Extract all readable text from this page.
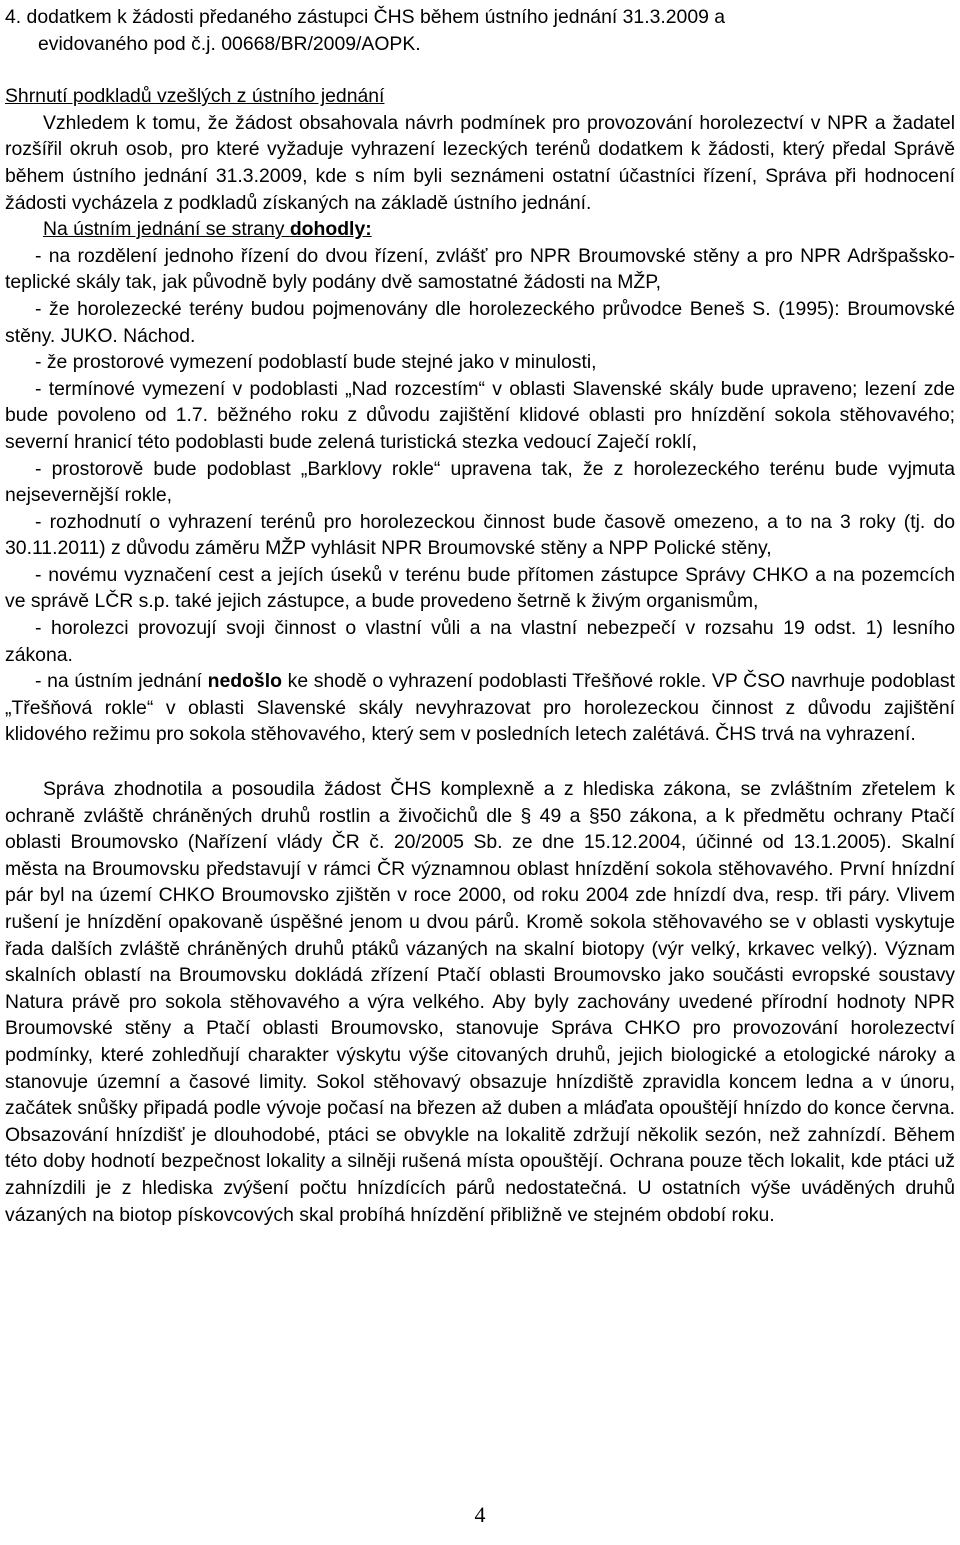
4. dodatkem k žádosti předaného zástupci ČHS během ústního jednání 31.3.2009 a

evidovaného pod č.j. 00668/BR/2009/AOPK.

Shrnutí podkladů vzešlých z ústního jednání

Vzhledem k tomu, že žádost obsahovala návrh podmínek pro provozování horolezectví v NPR a žadatel rozšířil okruh osob, pro které vyžaduje vyhrazení lezeckých terénů dodatkem k žádosti, který předal Správě během ústního jednání 31.3.2009, kde s ním byli seznámeni ostatní účastníci řízení, Správa při hodnocení žádosti vycházela z podkladů získaných na základě ústního jednání.

Na ústním jednání se strany dohodly:

- na rozdělení jednoho řízení do dvou řízení, zvlášť pro NPR Broumovské stěny a pro NPR Adršpašsko-teplické skály tak, jak původně byly podány dvě samostatné žádosti na MŽP,

- že horolezecké terény budou pojmenovány dle horolezeckého průvodce Beneš S. (1995): Broumovské stěny. JUKO. Náchod.

- že prostorové vymezení podoblastí bude stejné jako v minulosti,

- termínové vymezení v podoblasti „Nad rozcestím“ v oblasti Slavenské skály bude upraveno; lezení zde bude povoleno od 1.7. běžného roku z důvodu zajištění klidové oblasti pro hnízdění sokola stěhovavého; severní hranicí této podoblasti bude zelená turistická stezka vedoucí Zaječí roklí,

- prostorově bude podoblast „Barklovy rokle“ upravena tak, že z horolezeckého terénu bude vyjmuta nejsevernější rokle,

- rozhodnutí o vyhrazení terénů pro horolezeckou činnost bude časově omezeno, a to na 3 roky (tj. do 30.11.2011) z důvodu záměru MŽP vyhlásit NPR Broumovské stěny a NPP Polické stěny,

- novému vyznačení cest a jejích úseků v terénu bude přítomen zástupce Správy CHKO a na pozemcích ve správě LČR s.p. také jejich zástupce, a bude provedeno šetrně k živým organismům,

- horolezci provozují svoji činnost o vlastní vůli a na vlastní nebezpečí v rozsahu 19 odst. 1) lesního zákona.

- na ústním jednání nedošlo ke shodě o vyhrazení podoblasti Třešňové rokle. VP ČSO navrhuje podoblast „Třešňová rokle“ v oblasti Slavenské skály nevyhrazovat pro horolezeckou činnost z důvodu zajištění klidového režimu pro sokola stěhovavého, který sem v posledních letech zalétává. ČHS trvá na vyhrazení.

Správa zhodnotila a posoudila žádost ČHS komplexně a z hlediska zákona, se zvláštním zřetelem k ochraně zvláště chráněných druhů rostlin a živočichů dle § 49 a §50 zákona, a k předmětu ochrany Ptačí oblasti Broumovsko (Nařízení vlády ČR č. 20/2005 Sb. ze dne 15.12.2004, účinné od 13.1.2005). Skalní města na Broumovsku představují v rámci ČR významnou oblast hnízdění sokola stěhovavého. První hnízdní pár byl na území CHKO Broumovsko zjištěn v roce 2000, od roku 2004 zde hnízdí dva, resp. tři páry. Vlivem rušení je hnízdění opakovaně úspěšné jenom u dvou párů. Kromě sokola stěhovavého se v oblasti vyskytuje řada dalších zvláště chráněných druhů ptáků vázaných na skalní biotopy (výr velký, krkavec velký). Význam skalních oblastí na Broumovsku dokládá zřízení Ptačí oblasti Broumovsko jako součásti evropské soustavy Natura právě pro sokola stěhovavého a výra velkého. Aby byly zachovány uvedené přírodní hodnoty NPR Broumovské stěny a Ptačí oblasti Broumovsko, stanovuje Správa CHKO pro provozování horolezectví podmínky, které zohledňují charakter výskytu výše citovaných druhů, jejich biologické a etologické nároky a stanovuje územní a časové limity. Sokol stěhovavý obsazuje hnízdiště zpravidla koncem ledna a v únoru, začátek snůšky připadá podle vývoje počasí na březen až duben a mláďata opouštějí hnízdo do konce června. Obsazování hnízdišť je dlouhodobé, ptáci se obvykle na lokalitě zdržují několik sezón, než zahnízdí. Během této doby hodnotí bezpečnost lokality a silněji rušená místa opouštějí. Ochrana pouze těch lokalit, kde ptáci už zahnízdili je z hlediska zvýšení počtu hnízdících párů nedostatečná. U ostatních výše uváděných druhů vázaných na biotop pískovcových skal probíhá hnízdění přibližně ve stejném období roku.

4
